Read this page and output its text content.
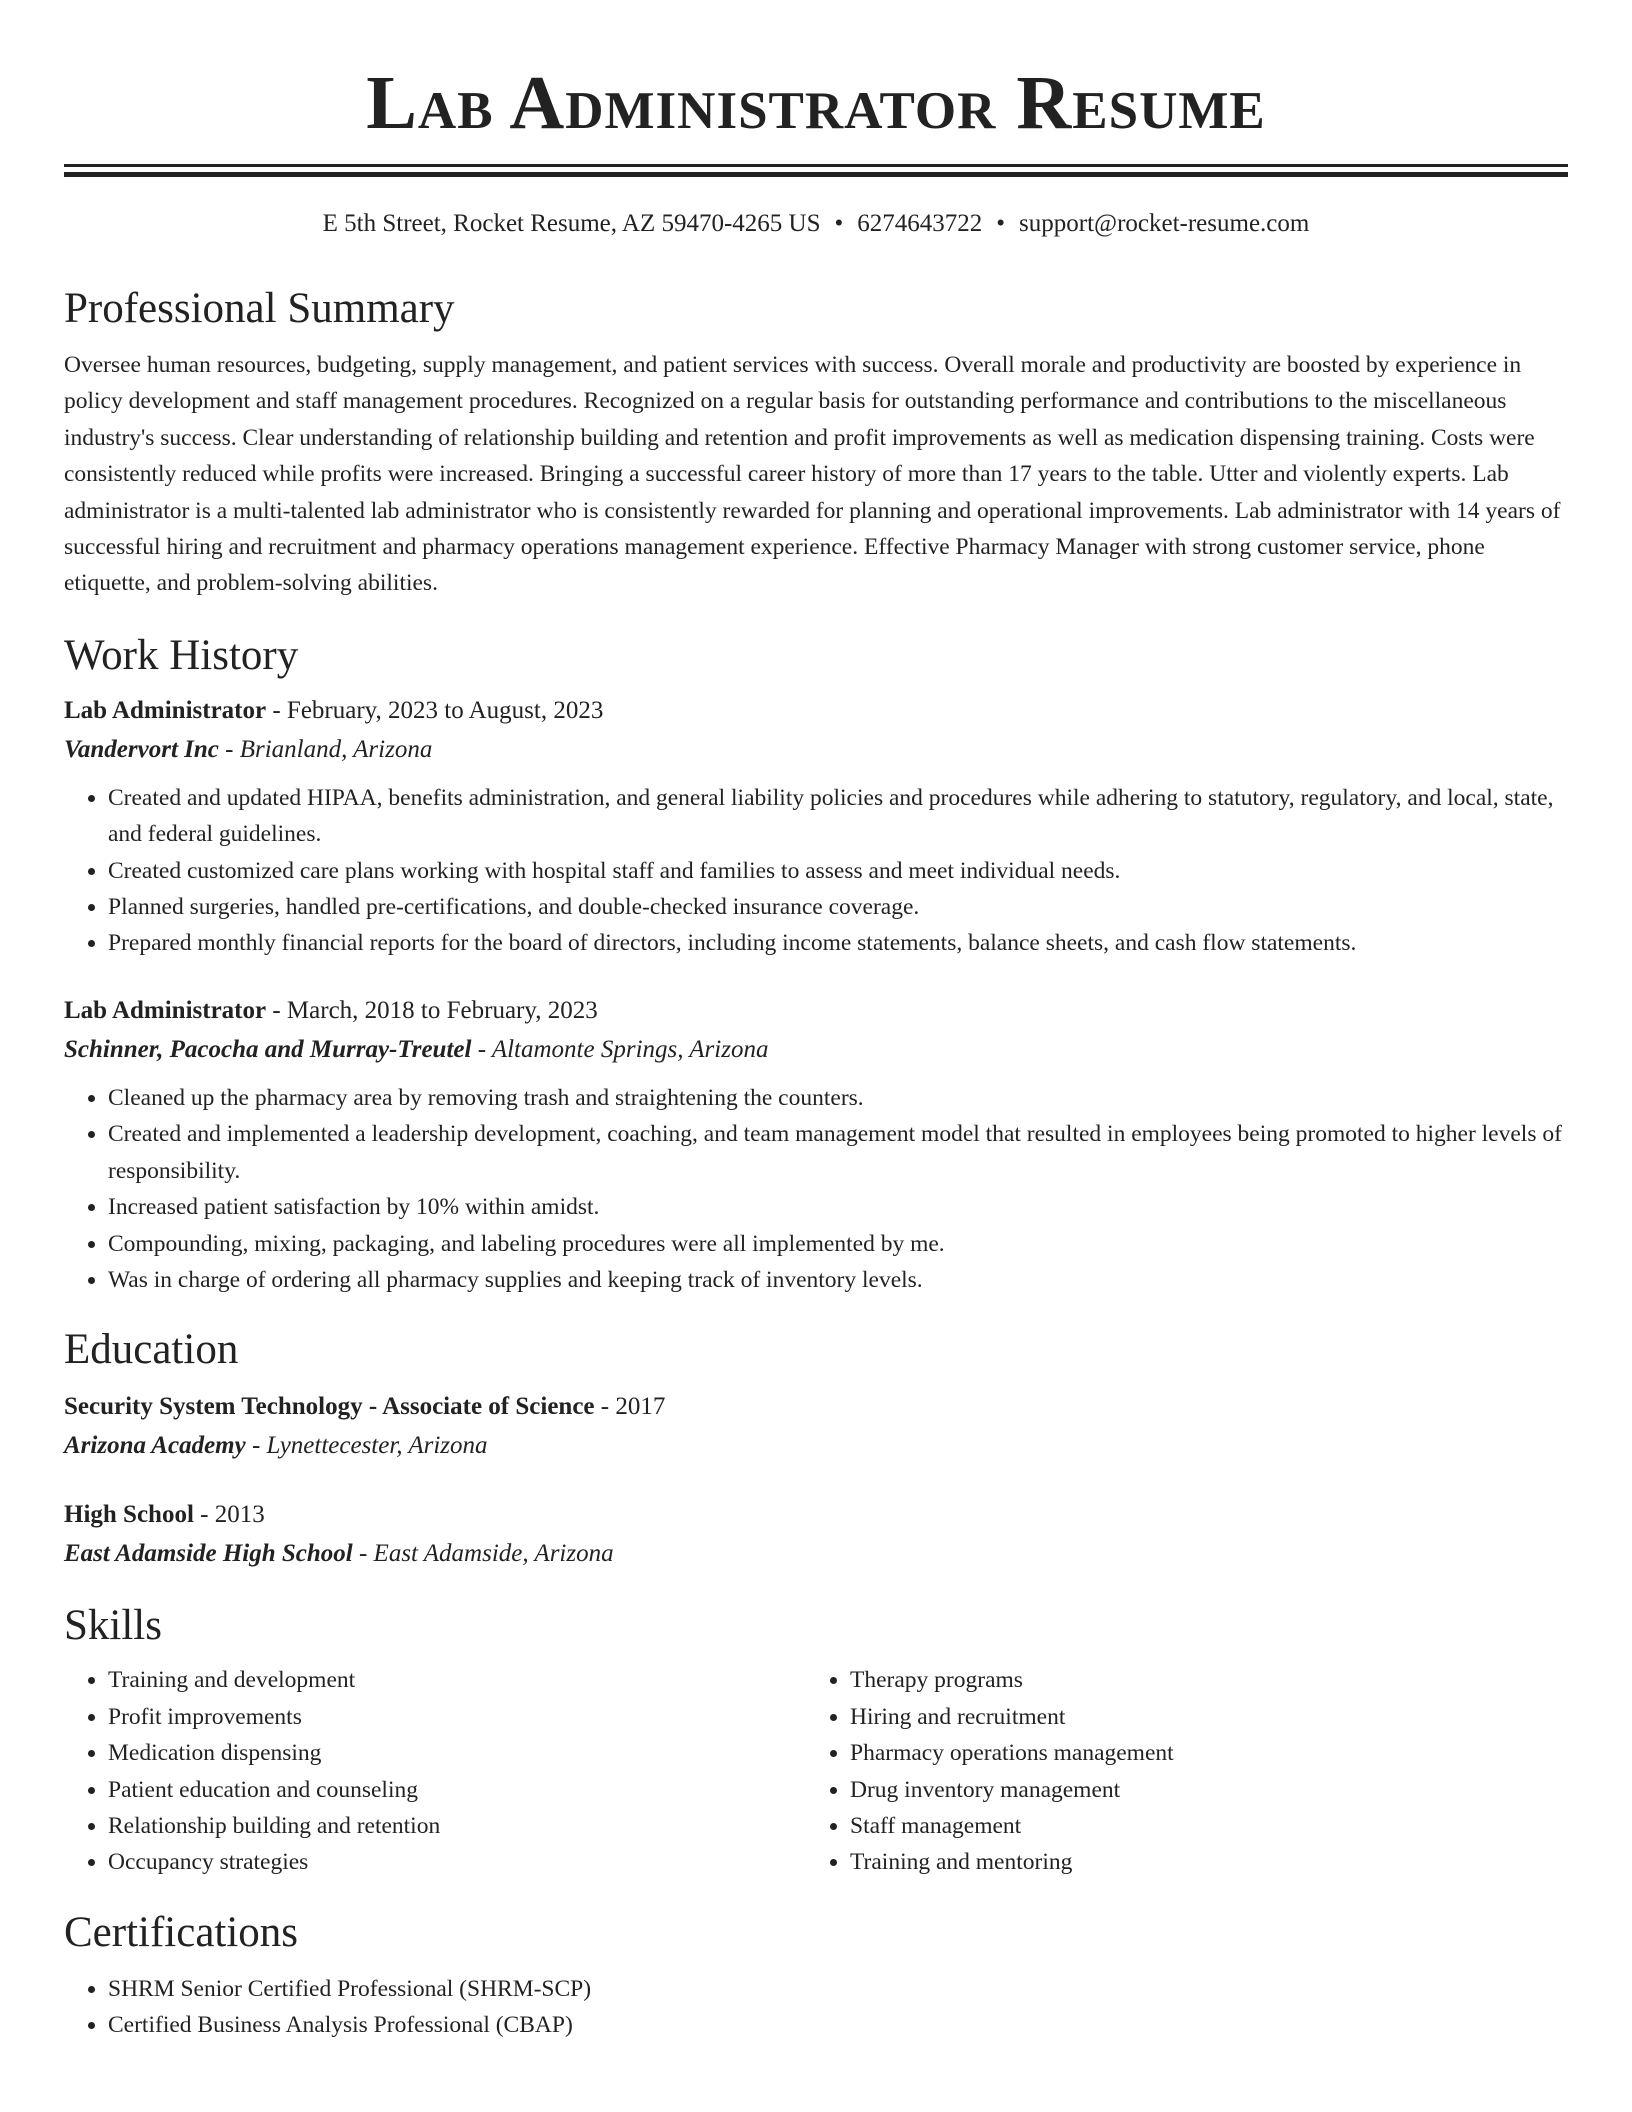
Lab Administrator Resume
E 5th Street, Rocket Resume, AZ 59470-4265 US • 6274643722 • support@rocket-resume.com
Professional Summary

Oversee human resources, budgeting, supply management, and patient services with success. Overall morale and productivity are boosted by experience in policy development and staff management procedures. Recognized on a regular basis for outstanding performance and contributions to the miscellaneous industry's success. Clear understanding of relationship building and retention and profit improvements as well as medication dispensing training. Costs were consistently reduced while profits were increased. Bringing a successful career history of more than 17 years to the table. Utter and violently experts. Lab administrator is a multi-talented lab administrator who is consistently rewarded for planning and operational improvements. Lab administrator with 14 years of successful hiring and recruitment and pharmacy operations management experience. Effective Pharmacy Manager with strong customer service, phone etiquette, and problem-solving abilities.

Work History
Lab Administrator - February, 2023 to August, 2023
Vandervort Inc - Brianland, Arizona
• Created and updated HIPAA, benefits administration, and general liability policies and procedures while adhering to statutory, regulatory, and local, state, and federal guidelines.
• Created customized care plans working with hospital staff and families to assess and meet individual needs.
• Planned surgeries, handled pre-certifications, and double-checked insurance coverage.
• Prepared monthly financial reports for the board of directors, including income statements, balance sheets, and cash flow statements.
Lab Administrator - March, 2018 to February, 2023
Schinner, Pacocha and Murray-Treutel - Altamonte Springs, Arizona
• Cleaned up the pharmacy area by removing trash and straightening the counters.
• Created and implemented a leadership development, coaching, and team management model that resulted in employees being promoted to higher levels of responsibility.
• Increased patient satisfaction by 10% within amidst.
• Compounding, mixing, packaging, and labeling procedures were all implemented by me.
• Was in charge of ordering all pharmacy supplies and keeping track of inventory levels.
Education
Security System Technology - Associate of Science - 2017
Arizona Academy - Lynettecester, Arizona
High School - 2013
East Adamside High School - East Adamside, Arizona
Skills
• Training and development
• Profit improvements
• Medication dispensing
• Patient education and counseling
• Relationship building and retention
• Occupancy strategies
• Therapy programs
• Hiring and recruitment
• Pharmacy operations management
• Drug inventory management
• Staff management
• Training and mentoring
Certifications
• SHRM Senior Certified Professional (SHRM-SCP)
• Certified Business Analysis Professional (CBAP)
